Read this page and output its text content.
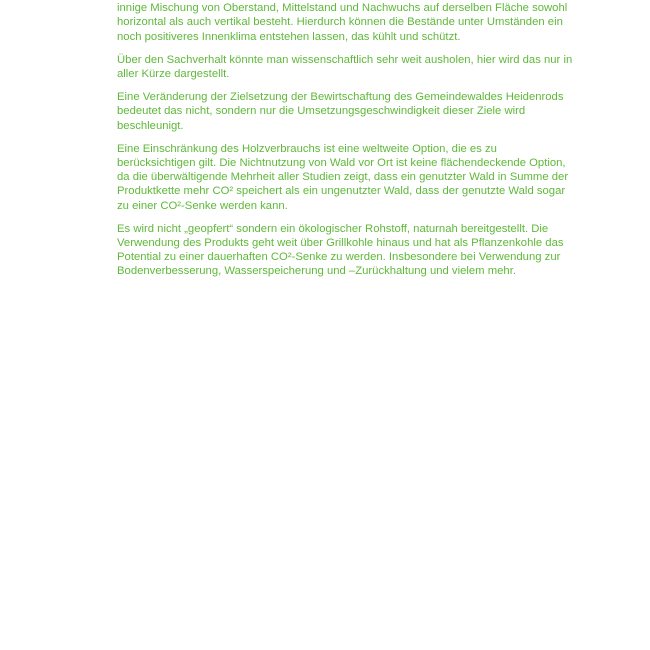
innige Mischung von Oberstand, Mittelstand und Nachwuchs auf derselben Fläche sowohl horizontal als auch vertikal besteht. Hierdurch können die Bestände unter Umständen ein noch positiveres Innenklima entstehen lassen, das kühlt und schützt.

Über den Sachverhalt könnte man wissenschaftlich sehr weit ausholen, hier wird das nur in aller Kürze dargestellt.

Eine Veränderung der Zielsetzung der Bewirtschaftung des Gemeindewaldes Heidenrods bedeutet das nicht, sondern nur die Umsetzungsgeschwindigkeit dieser Ziele wird beschleunigt.

Eine Einschränkung des Holzverbrauchs ist eine weltweite Option, die es zu berücksichtigen gilt. Die Nichtnutzung von Wald vor Ort ist keine flächendeckende Option, da die überwältigende Mehrheit aller Studien zeigt, dass ein genutzter Wald in Summe der Produktkette mehr CO² speichert als ein ungenutzter Wald, dass der genutzte Wald sogar zu einer CO²-Senke werden kann.

Es wird nicht „geopfert“ sondern ein ökologischer Rohstoff, naturnah bereitgestellt. Die Verwendung des Produkts geht weit über Grillkohle hinaus und hat als Pflanzenkohle das Potential zu einer dauerhaften CO²-Senke zu werden. Insbesondere bei Verwendung zur Bodenverbesserung, Wasserspeicherung und –Zurückhaltung und vielem mehr.
